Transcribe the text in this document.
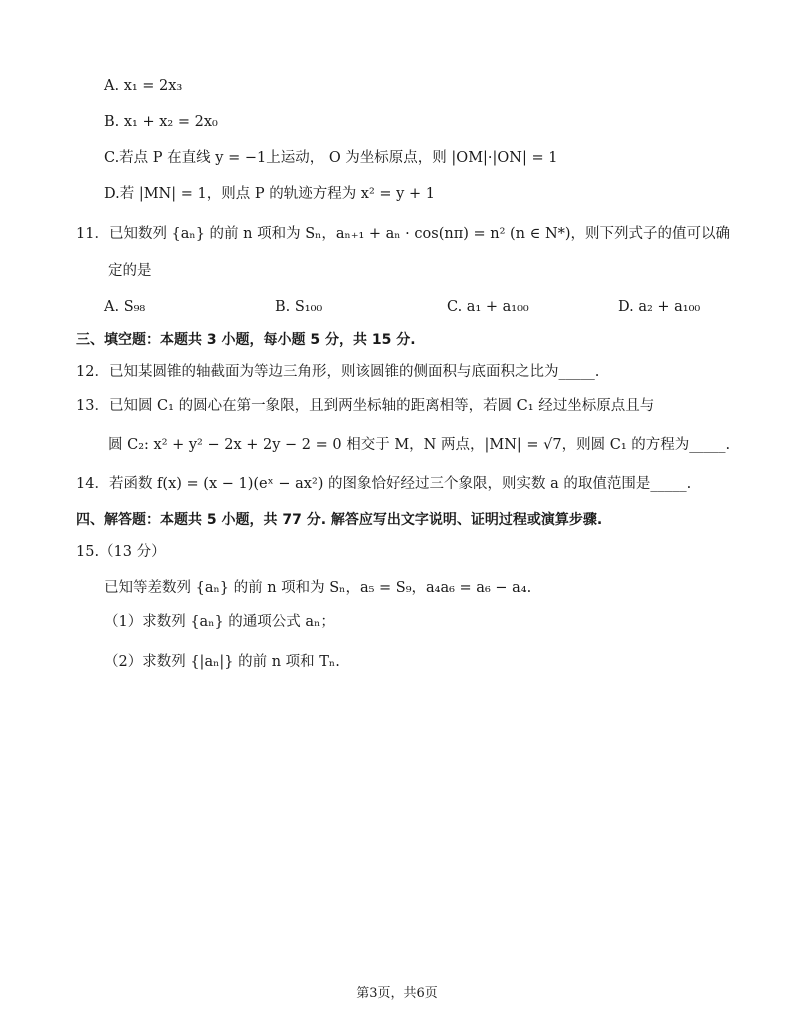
A. x₁ = 2x₃
B. x₁ + x₂ = 2x₀
C.若点 P 在直线 y = −1上运动， O 为坐标原点，则 |OM|·|ON| = 1
D.若 |MN| = 1，则点 P 的轨迹方程为 x² = y + 1
11．已知数列 {aₙ} 的前 n 项和为 Sₙ，aₙ₊₁ + aₙ · cos(nπ) = n² (n ∈ N*)，则下列式子的值可以确
定的是
A. S₉₈	B. S₁₀₀	C. a₁ + a₁₀₀	D. a₂ + a₁₀₀
三、填空题：本题共 3 小题，每小题 5 分，共 15 分.
12．已知某圆锥的轴截面为等边三角形，则该圆锥的侧面积与底面积之比为_____.
13．已知圆 C₁ 的圆心在第一象限，且到两坐标轴的距离相等，若圆 C₁ 经过坐标原点且与
圆 C₂: x² + y² − 2x + 2y − 2 = 0 相交于 M，N 两点，|MN| = √7，则圆 C₁ 的方程为_____.
14．若函数 f(x) = (x − 1)(eˣ − ax²) 的图象恰好经过三个象限，则实数 a 的取值范围是_____.
四、解答题：本题共 5 小题，共 77 分. 解答应写出文字说明、证明过程或演算步骤.
15.（13 分）
已知等差数列 {aₙ} 的前 n 项和为 Sₙ，a₅ = S₉，a₄a₆ = a₆ − a₄.
（1）求数列 {aₙ} 的通项公式 aₙ；
（2）求数列 {|aₙ|} 的前 n 项和 Tₙ.
第3页，共6页
